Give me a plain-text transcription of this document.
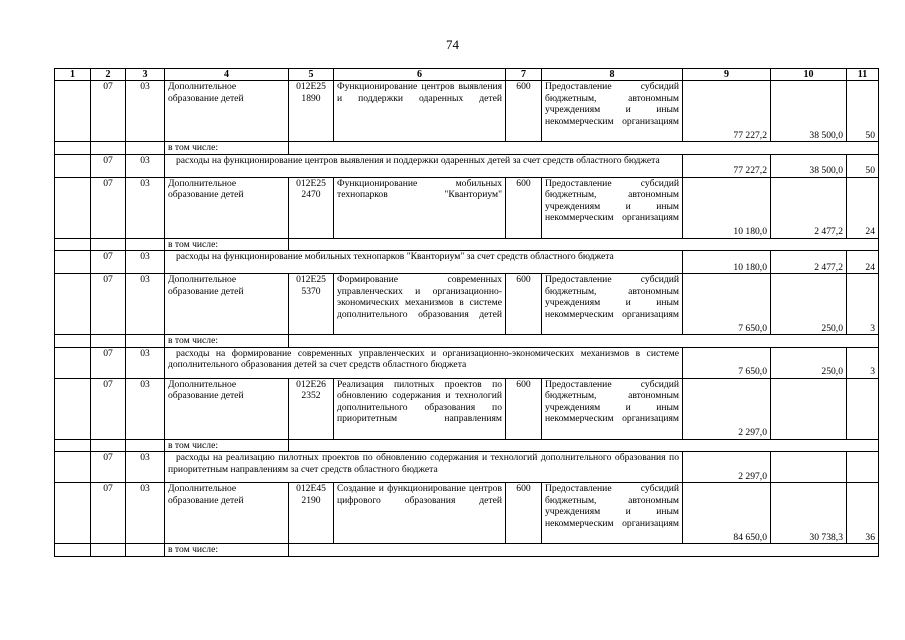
74
1	2	3	4	5	6	7	8	9	10	11
	07	03	Дополнительное образование детей	012E25 1890	Функционирование центров выявления и поддержки одаренных детей	600	Предоставление субсидий бюджетным, автономным учреждениям и иным некоммерческим организациям	77 227,2	38 500,0	50
			в том числе:							
	07	03	расходы на функционирование центров выявления и поддержки одаренных детей за счет средств областного бюджета					77 227,2	38 500,0	50
	07	03	Дополнительное образование детей	012E25 2470	Функционирование мобильных технопарков "Кванториум"	600	Предоставление субсидий бюджетным, автономным учреждениям и иным некоммерческим организациям	10 180,0	2 477,2	24
			в том числе:							
	07	03	расходы на функционирование мобильных технопарков "Кванториум" за счет средств областного бюджета					10 180,0	2 477,2	24
	07	03	Дополнительное образование детей	012E25 5370	Формирование современных управленческих и организационно-экономических механизмов в системе дополнительного образования детей	600	Предоставление субсидий бюджетным, автономным учреждениям и иным некоммерческим организациям	7 650,0	250,0	3
			в том числе:							
	07	03	расходы на формирование современных управленческих и организационно-экономических механизмов в системе дополнительного образования детей за счет средств областного бюджета					7 650,0	250,0	3
	07	03	Дополнительное образование детей	012E26 2352	Реализация пилотных проектов по обновлению содержания и технологий дополнительного образования по приоритетным направлениям	600	Предоставление субсидий бюджетным, автономным учреждениям и иным некоммерческим организациям	2 297,0		
			в том числе:							
	07	03	расходы на реализацию пилотных проектов по обновлению содержания и технологий дополнительного образования по приоритетным направлениям за счет средств областного бюджета					2 297,0		
	07	03	Дополнительное образование детей	012E45 2190	Создание и функционирование центров цифрового образования детей	600	Предоставление субсидий бюджетным, автономным учреждениям и иным некоммерческим организациям	84 650,0	30 738,3	36
			в том числе:							
